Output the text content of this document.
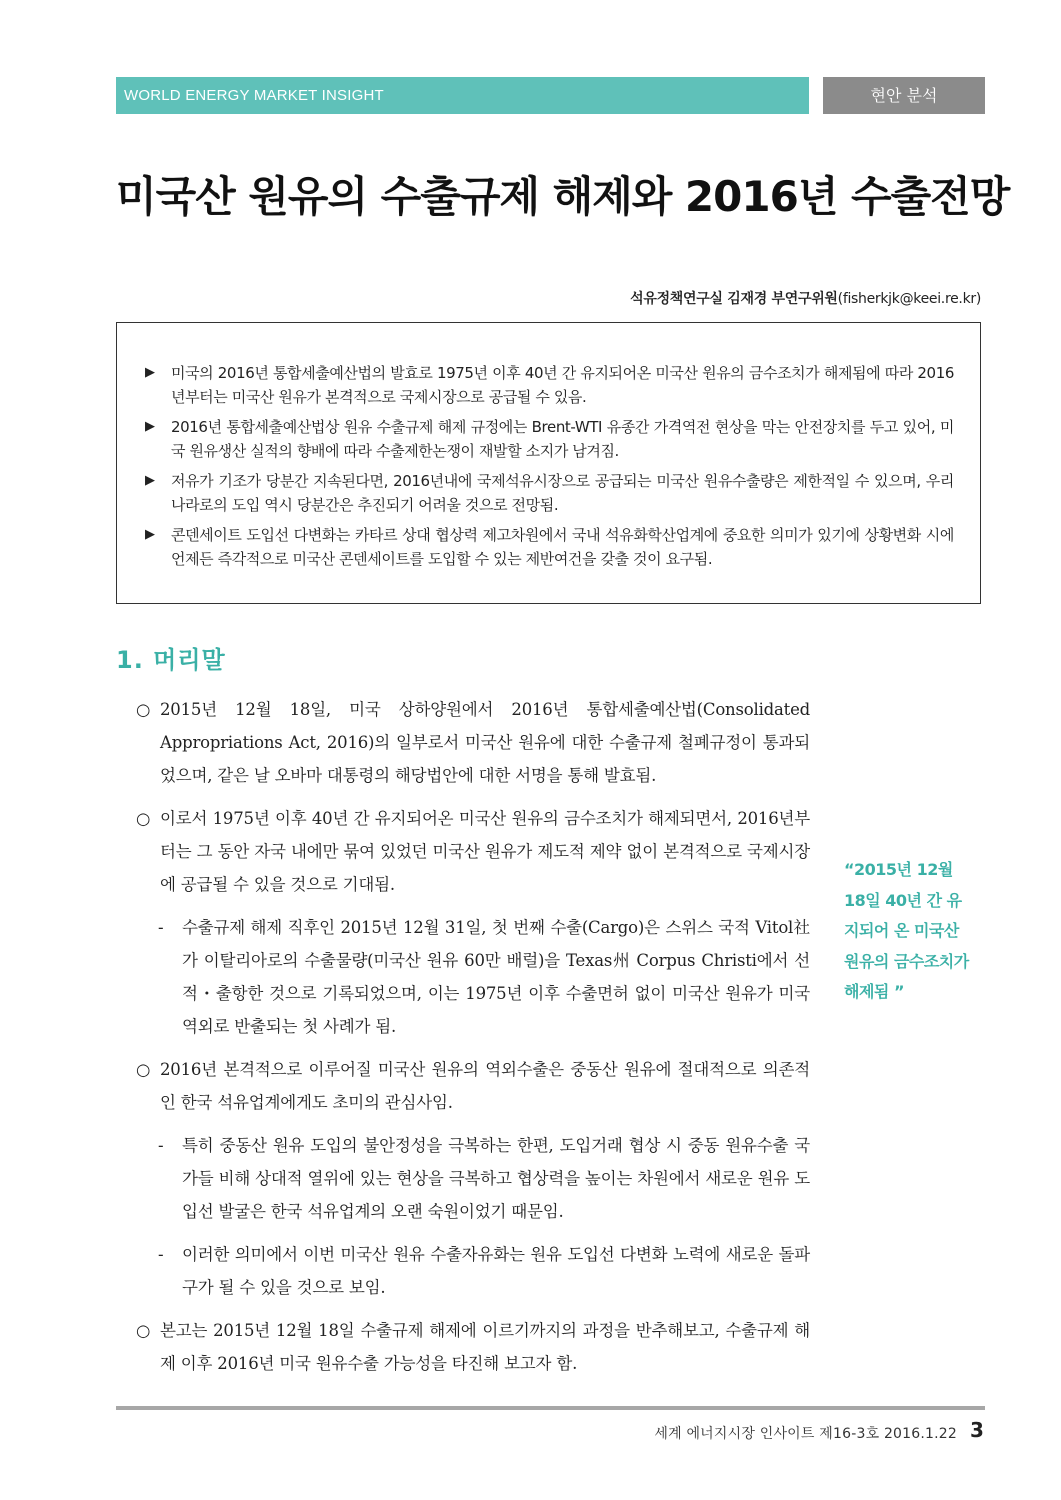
WORLD ENERGY MARKET INSIGHT	현안 분석
미국산 원유의 수출규제 해제와 2016년 수출전망
석유정책연구실 김재경 부연구위원(fisherkjk@keei.re.kr)
▶ 미국의 2016년 통합세출예산법의 발효로 1975년 이후 40년 간 유지되어온 미국산 원유의 금수조치가 해제됨에 따라 2016년부터는 미국산 원유가 본격적으로 국제시장으로 공급될 수 있음.
▶ 2016년 통합세출예산법상 원유 수출규제 해제 규정에는 Brent-WTI 유종간 가격역전 현상을 막는 안전장치를 두고 있어, 미국 원유생산 실적의 향배에 따라 수출제한논쟁이 재발할 소지가 남겨짐.
▶ 저유가 기조가 당분간 지속된다면, 2016년내에 국제석유시장으로 공급되는 미국산 원유수출량은 제한적일 수 있으며, 우리나라로의 도입 역시 당분간은 추진되기 어려울 것으로 전망됨.
▶ 콘덴세이트 도입선 다변화는 카타르 상대 협상력 제고차원에서 국내 석유화학산업계에 중요한 의미가 있기에 상황변화 시에 언제든 즉각적으로 미국산 콘덴세이트를 도입할 수 있는 제반여건을 갖출 것이 요구됨.
1. 머리말
○ 2015년 12월 18일, 미국 상하양원에서 2016년 통합세출예산법(Consolidated Appropriations Act, 2016)의 일부로서 미국산 원유에 대한 수출규제 철폐규정이 통과되었으며, 같은 날 오바마 대통령의 해당법안에 대한 서명을 통해 발효됨.
○ 이로서 1975년 이후 40년 간 유지되어온 미국산 원유의 금수조치가 해제되면서, 2016년부터는 그 동안 자국 내에만 묶여 있었던 미국산 원유가 제도적 제약 없이 본격적으로 국제시장에 공급될 수 있을 것으로 기대됨.
- 수출규제 해제 직후인 2015년 12월 31일, 첫 번째 수출(Cargo)은 스위스 국적 Vitol社가 이탈리아로의 수출물량(미국산 원유 60만 배럴)을 Texas州 Corpus Christi에서 선적・출항한 것으로 기록되었으며, 이는 1975년 이후 수출면허 없이 미국산 원유가 미국 역외로 반출되는 첫 사례가 됨.
○ 2016년 본격적으로 이루어질 미국산 원유의 역외수출은 중동산 원유에 절대적으로 의존적인 한국 석유업계에게도 초미의 관심사임.
- 특히 중동산 원유 도입의 불안정성을 극복하는 한편, 도입거래 협상 시 중동 원유수출 국가들 비해 상대적 열위에 있는 현상을 극복하고 협상력을 높이는 차원에서 새로운 원유 도입선 발굴은 한국 석유업계의 오랜 숙원이었기 때문임.
- 이러한 의미에서 이번 미국산 원유 수출자유화는 원유 도입선 다변화 노력에 새로운 돌파구가 될 수 있을 것으로 보임.
○ 본고는 2015년 12월 18일 수출규제 해제에 이르기까지의 과정을 반추해보고, 수출규제 해제 이후 2016년 미국 원유수출 가능성을 타진해 보고자 함.
“2015년 12월 18일 40년 간 유지되어 온 미국산 원유의 금수조치가 해제됨 ”
세계 에너지시장 인사이트 제16-3호 2016.1.22 3
